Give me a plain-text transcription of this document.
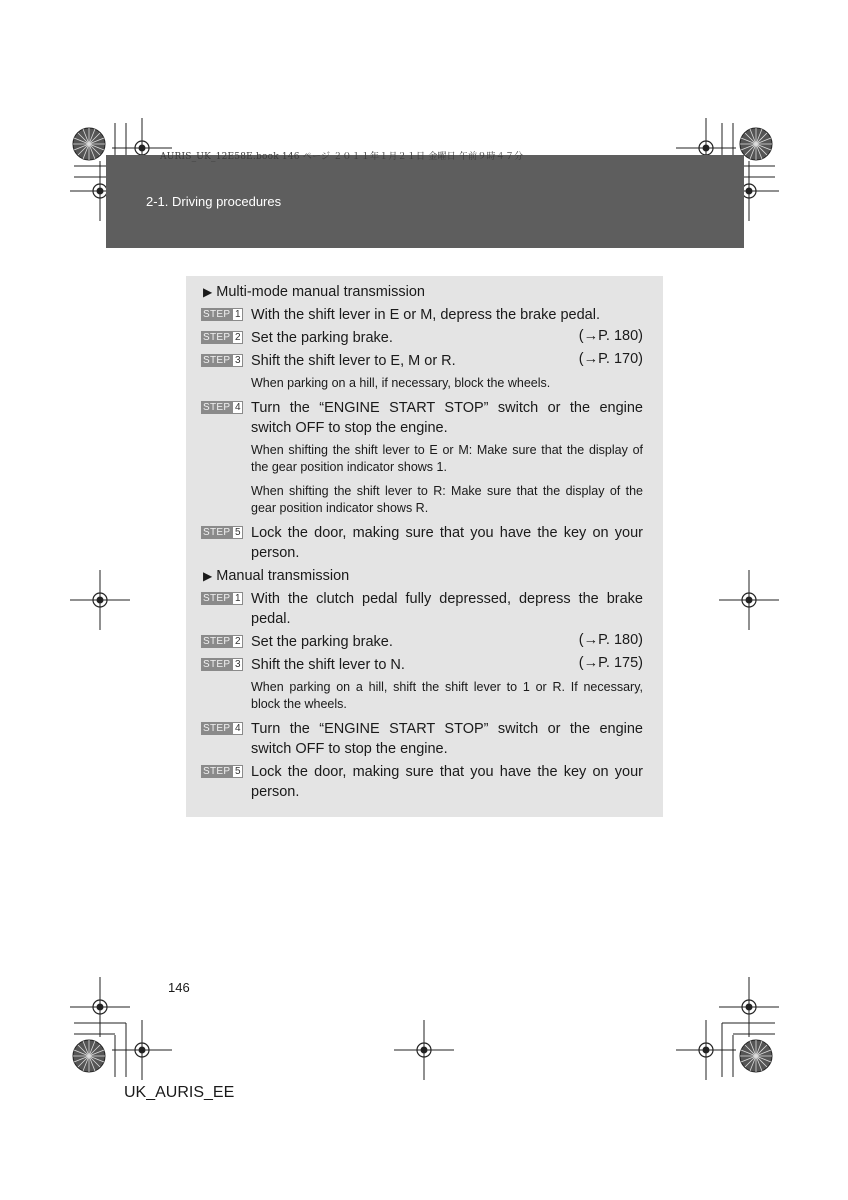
AURIS_UK_12E58E.book 146 ページ ２０１１年１月２１日 金曜日 午前９時４７分
2-1. Driving procedures
▶ Multi-mode manual transmission
STEP 1 With the shift lever in E or M, depress the brake pedal.
STEP 2 Set the parking brake.	(→P. 180)
STEP 3 Shift the shift lever to E, M or R.	(→P. 170)
When parking on a hill, if necessary, block the wheels.
STEP 4 Turn the “ENGINE START STOP” switch or the engine switch OFF to stop the engine.
When shifting the shift lever to E or M: Make sure that the display of the gear position indicator shows 1.
When shifting the shift lever to R: Make sure that the display of the gear position indicator shows R.
STEP 5 Lock the door, making sure that you have the key on your person.
▶ Manual transmission
STEP 1 With the clutch pedal fully depressed, depress the brake pedal.
STEP 2 Set the parking brake.	(→P. 180)
STEP 3 Shift the shift lever to N.	(→P. 175)
When parking on a hill, shift the shift lever to 1 or R. If necessary, block the wheels.
STEP 4 Turn the “ENGINE START STOP” switch or the engine switch OFF to stop the engine.
STEP 5 Lock the door, making sure that you have the key on your person.
146
UK_AURIS_EE
